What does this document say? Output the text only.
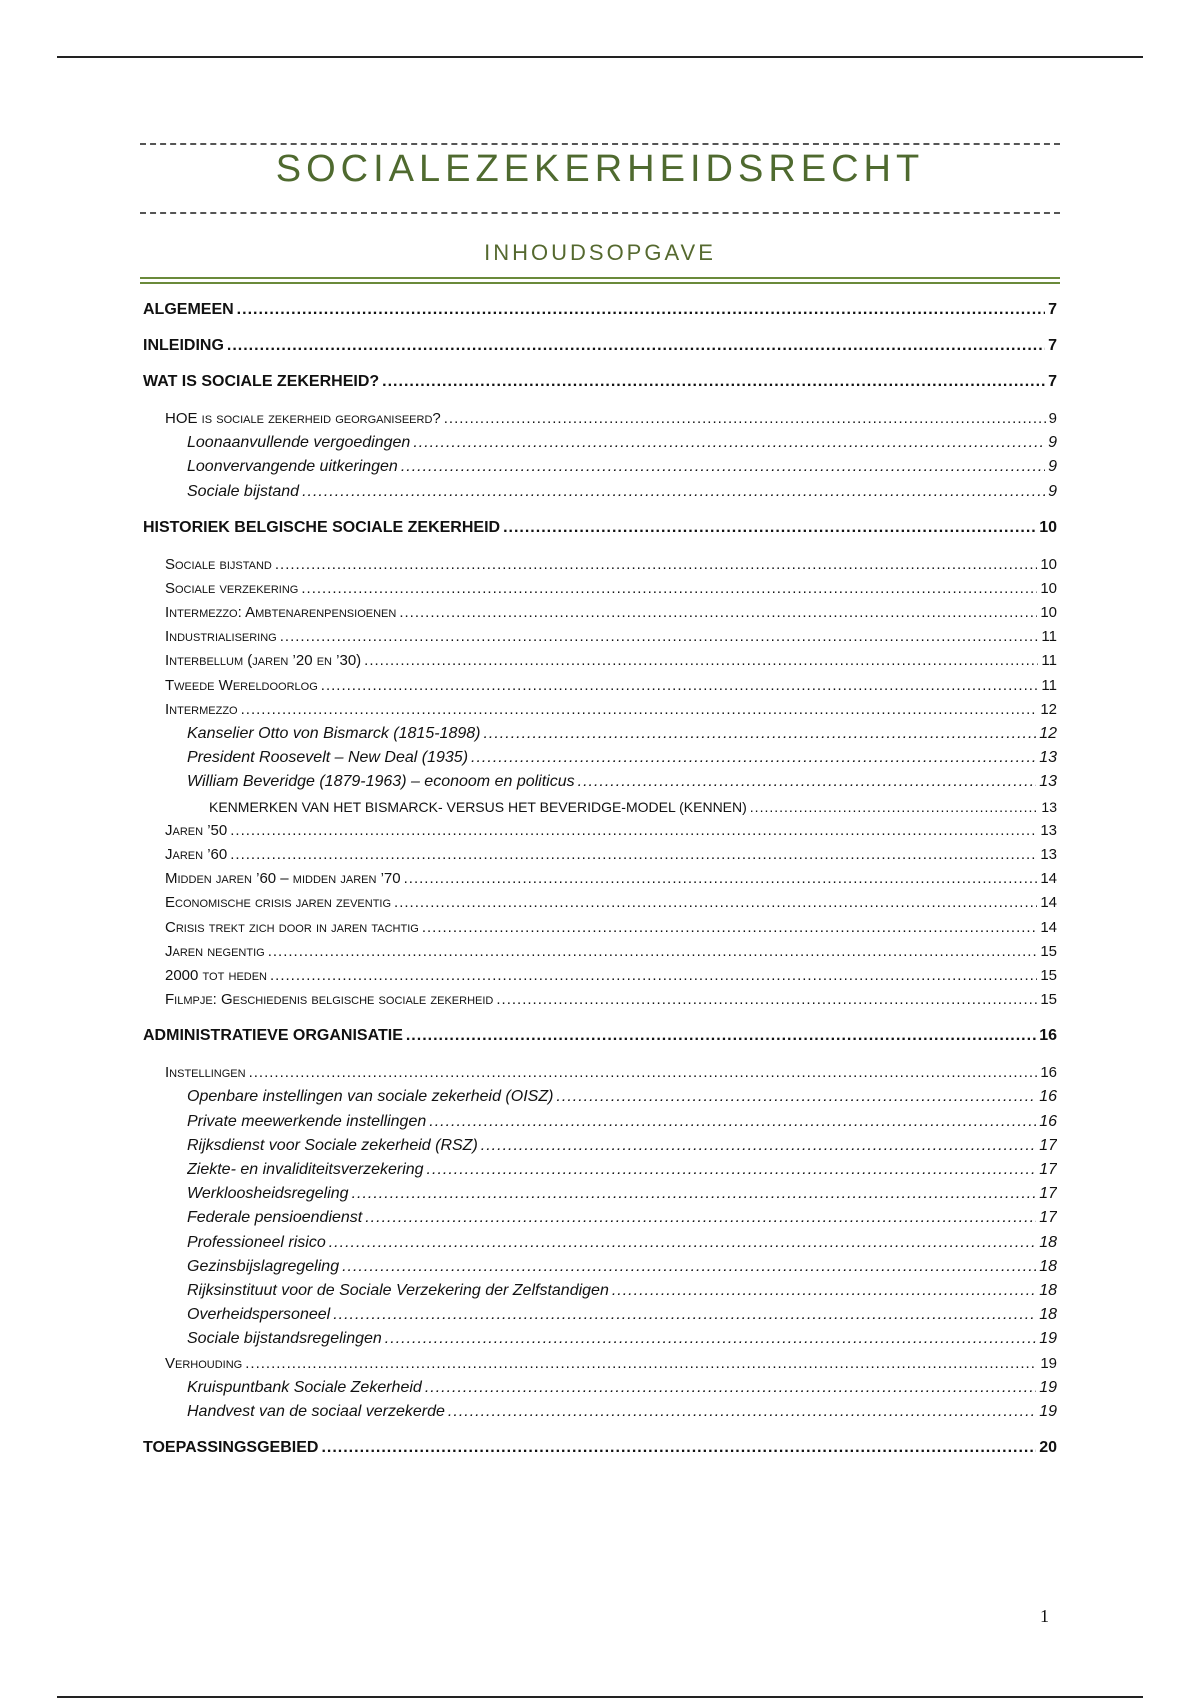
SOCIALEZEKERHEIDSRECHT
INHOUDSOPGAVE
ALGEMEEN .....	7
INLEIDING .....	7
WAT IS SOCIALE ZEKERHEID? .....	7
HOE is sociale zekerheid georganiseerd? .....	9
Loonaanvullende vergoedingen .....	9
Loonvervangende uitkeringen .....	9
Sociale bijstand .....	9
HISTORIEK BELGISCHE SOCIALE ZEKERHEID .....	10
Sociale bijstand .....	10
Sociale verzekering .....	10
Intermezzo: Ambtenarenpensioenen .....	10
Industrialisering .....	11
Interbellum (jaren ’20 en ’30) .....	11
Tweede Wereldoorlog .....	11
Intermezzo .....	12
Kanselier Otto von Bismarck (1815-1898) .....	12
President Roosevelt – New Deal (1935) .....	13
William Beveridge (1879-1963) – econoom en politicus .....	13
KENMERKEN VAN HET BISMARCK- VERSUS HET BEVERIDGE-MODEL (KENNEN) .....	13
Jaren ’50 .....	13
Jaren ’60 .....	13
Midden jaren ’60 – midden jaren ’70 .....	14
Economische crisis jaren zeventig .....	14
Crisis trekt zich door in jaren tachtig .....	14
Jaren negentig .....	15
2000 tot heden .....	15
Filmpje: Geschiedenis belgische sociale zekerheid .....	15
ADMINISTRATIEVE ORGANISATIE .....	16
Instellingen .....	16
Openbare instellingen van sociale zekerheid (OISZ) .....	16
Private meewerkende instellingen .....	16
Rijksdienst voor Sociale zekerheid (RSZ) .....	17
Ziekte- en invaliditeitsverzekering .....	17
Werkloosheidsregeling .....	17
Federale pensioendienst .....	17
Professioneel risico .....	18
Gezinsbijslagregeling .....	18
Rijksinstituut voor de Sociale Verzekering der Zelfstandigen .....	18
Overheidspersoneel .....	18
Sociale bijstandsregelingen .....	19
Verhouding .....	19
Kruispuntbank Sociale Zekerheid .....	19
Handvest van de sociaal verzekerde .....	19
TOEPASSINGSGEBIED .....	20
1
